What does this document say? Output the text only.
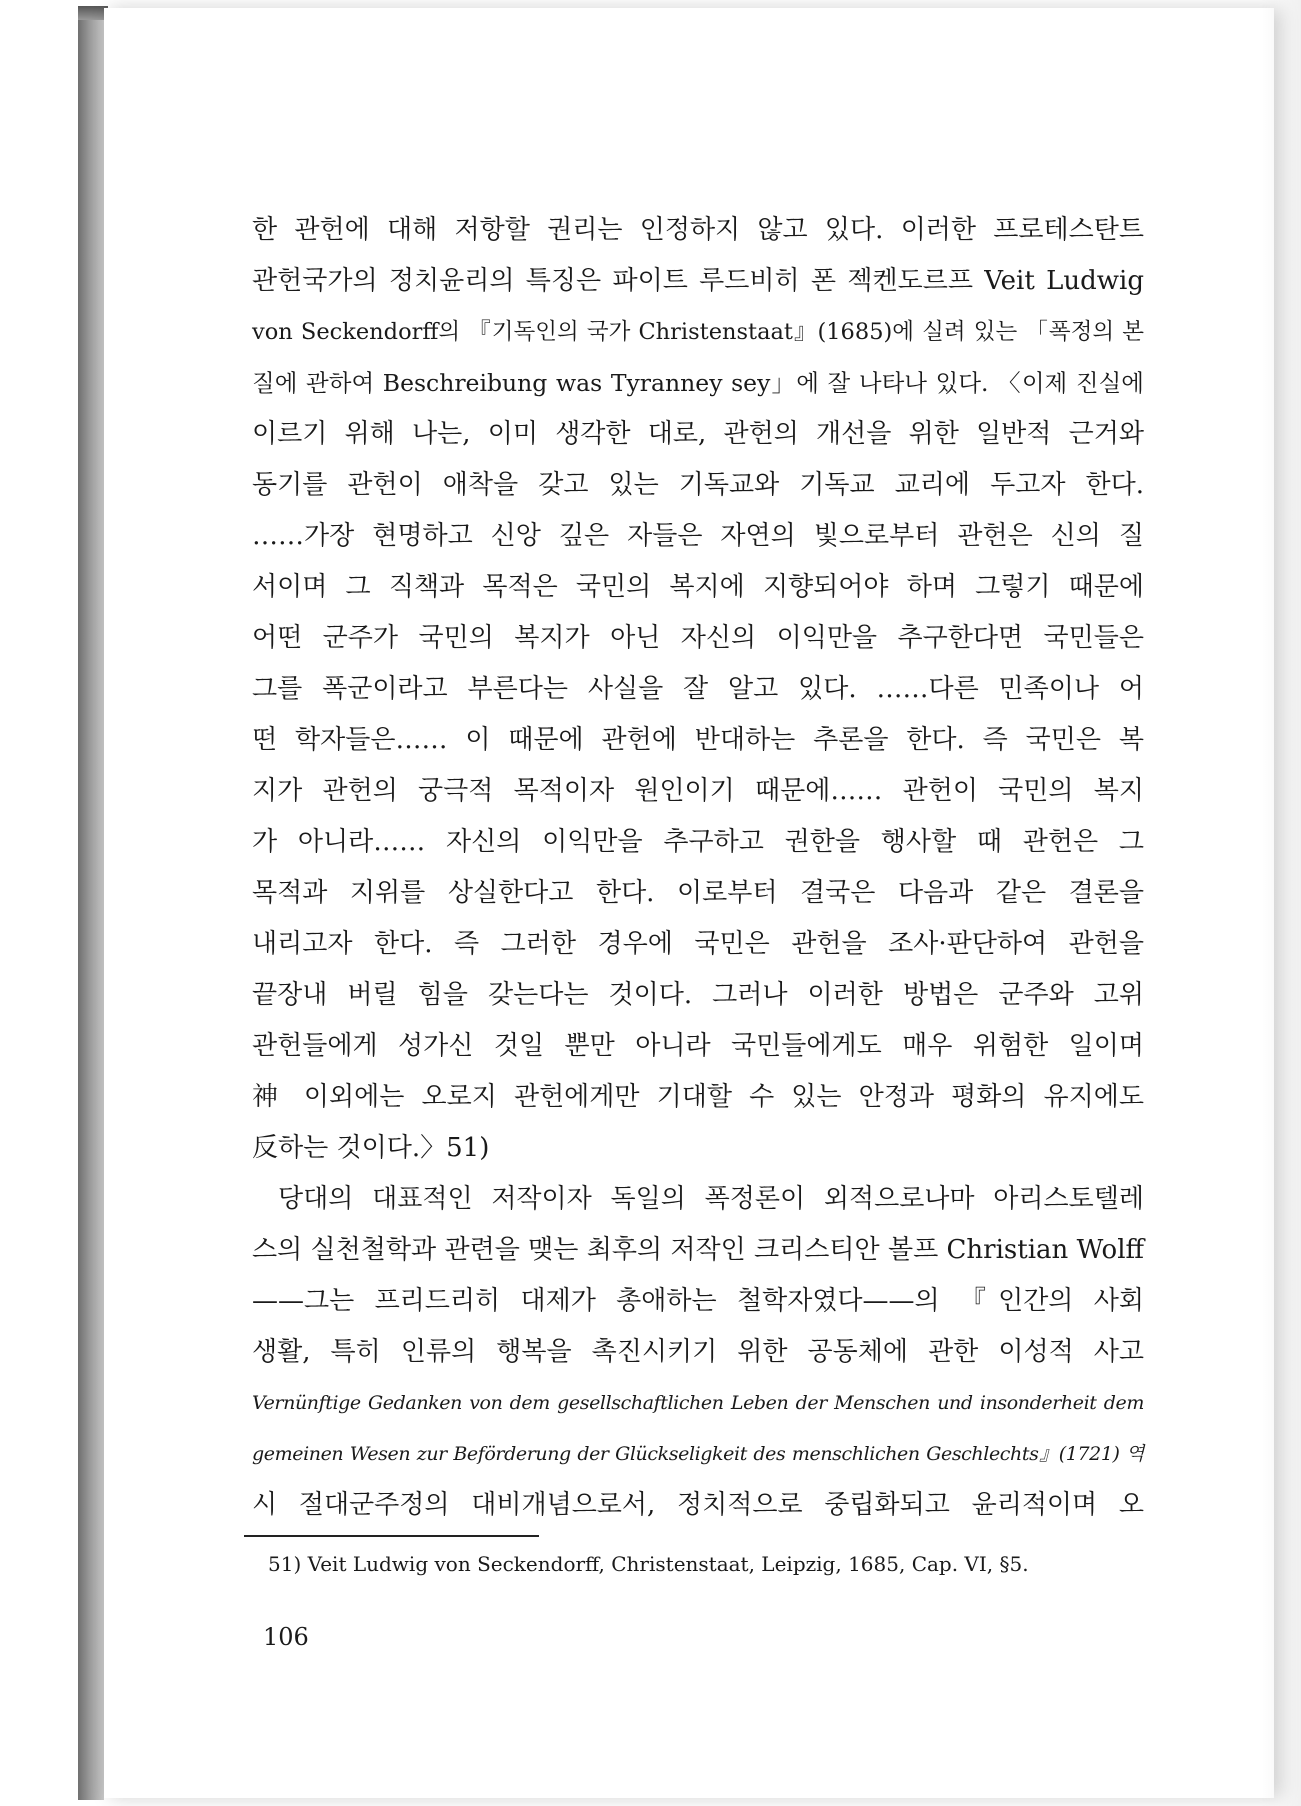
한 관헌에 대해 저항할 권리는 인정하지 않고 있다. 이러한 프로테스탄트
관헌국가의 정치윤리의 특징은 파이트 루드비히 폰 젝켄도르프 Veit Ludwig
von Seckendorff의 『기독인의 국가 Christenstaat』(1685)에 실려 있는 「폭정의 본
질에 관하여 Beschreibung was Tyranney sey」에 잘 나타나 있다. 〈이제 진실에
이르기 위해 나는, 이미 생각한 대로, 관헌의 개선을 위한 일반적 근거와
동기를 관헌이 애착을 갖고 있는 기독교와 기독교 교리에 두고자 한다.
……가장 현명하고 신앙 깊은 자들은 자연의 빛으로부터 관헌은 신의 질
서이며 그 직책과 목적은 국민의 복지에 지향되어야 하며 그렇기 때문에
어떤 군주가 국민의 복지가 아닌 자신의 이익만을 추구한다면 국민들은
그를 폭군이라고 부른다는 사실을 잘 알고 있다. ……다른 민족이나 어
떤 학자들은…… 이 때문에 관헌에 반대하는 추론을 한다. 즉 국민은 복
지가 관헌의 궁극적 목적이자 원인이기 때문에…… 관헌이 국민의 복지
가 아니라…… 자신의 이익만을 추구하고 권한을 행사할 때 관헌은 그
목적과 지위를 상실한다고 한다. 이로부터 결국은 다음과 같은 결론을
내리고자 한다. 즉 그러한 경우에 국민은 관헌을 조사·판단하여 관헌을
끝장내 버릴 힘을 갖는다는 것이다. 그러나 이러한 방법은 군주와 고위
관헌들에게 성가신 것일 뿐만 아니라 국민들에게도 매우 위험한 일이며
神 이외에는 오로지 관헌에게만 기대할 수 있는 안정과 평화의 유지에도
反하는 것이다.〉51)
당대의 대표적인 저작이자 독일의 폭정론이 외적으로나마 아리스토텔레
스의 실천철학과 관련을 맺는 최후의 저작인 크리스티안 볼프 Christian Wolff
——그는 프리드리히 대제가 총애하는 철학자였다——의 『인간의 사회
생활, 특히 인류의 행복을 촉진시키기 위한 공동체에 관한 이성적 사고
Vernünftige Gedanken von dem gesellschaftlichen Leben der Menschen und insonderheit dem
gemeinen Wesen zur Beförderung der Glückseligkeit des menschlichen Geschlechts』(1721) 역
시 절대군주정의 대비개념으로서, 정치적으로 중립화되고 윤리적이며 오
51) Veit Ludwig von Seckendorff, Christenstaat, Leipzig, 1685, Cap. VI, §5.
106
